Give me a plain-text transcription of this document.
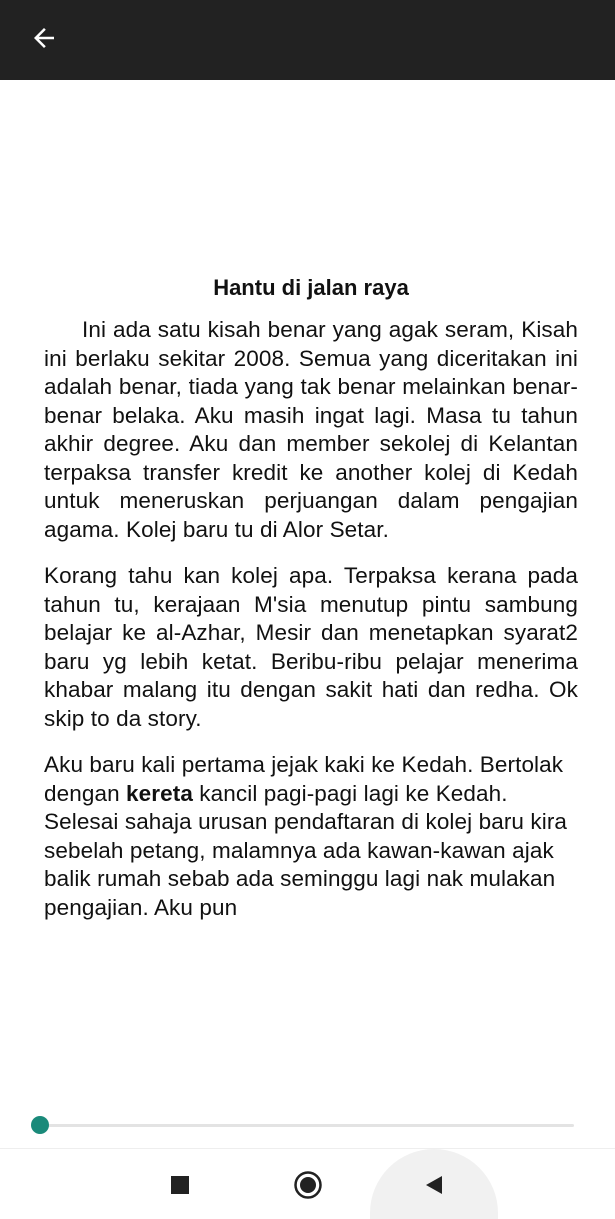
Hantu di jalan raya

Ini ada satu kisah benar yang agak seram, Kisah ini berlaku sekitar 2008. Semua yang diceritakan ini adalah benar, tiada yang tak benar melainkan benar-benar belaka. Aku masih ingat lagi. Masa tu tahun akhir degree. Aku dan member sekolej di Kelantan terpaksa transfer kredit ke another kolej di Kedah untuk meneruskan perjuangan dalam pengajian agama. Kolej baru tu di Alor Setar.

Korang tahu kan kolej apa. Terpaksa kerana pada tahun tu, kerajaan M'sia menutup pintu sambung belajar ke al-Azhar, Mesir dan menetapkan syarat2 baru yg lebih ketat. Beribu-ribu pelajar menerima khabar malang itu dengan sakit hati dan redha. Ok skip to da story.

Aku baru kali pertama jejak kaki ke Kedah. Bertolak dengan kereta kancil pagi-pagi lagi ke Kedah. Selesai sahaja urusan pendaftaran di kolej baru kira sebelah petang, malamnya ada kawan-kawan ajak balik rumah sebab ada seminggu lagi nak mulakan pengajian. Aku pun
